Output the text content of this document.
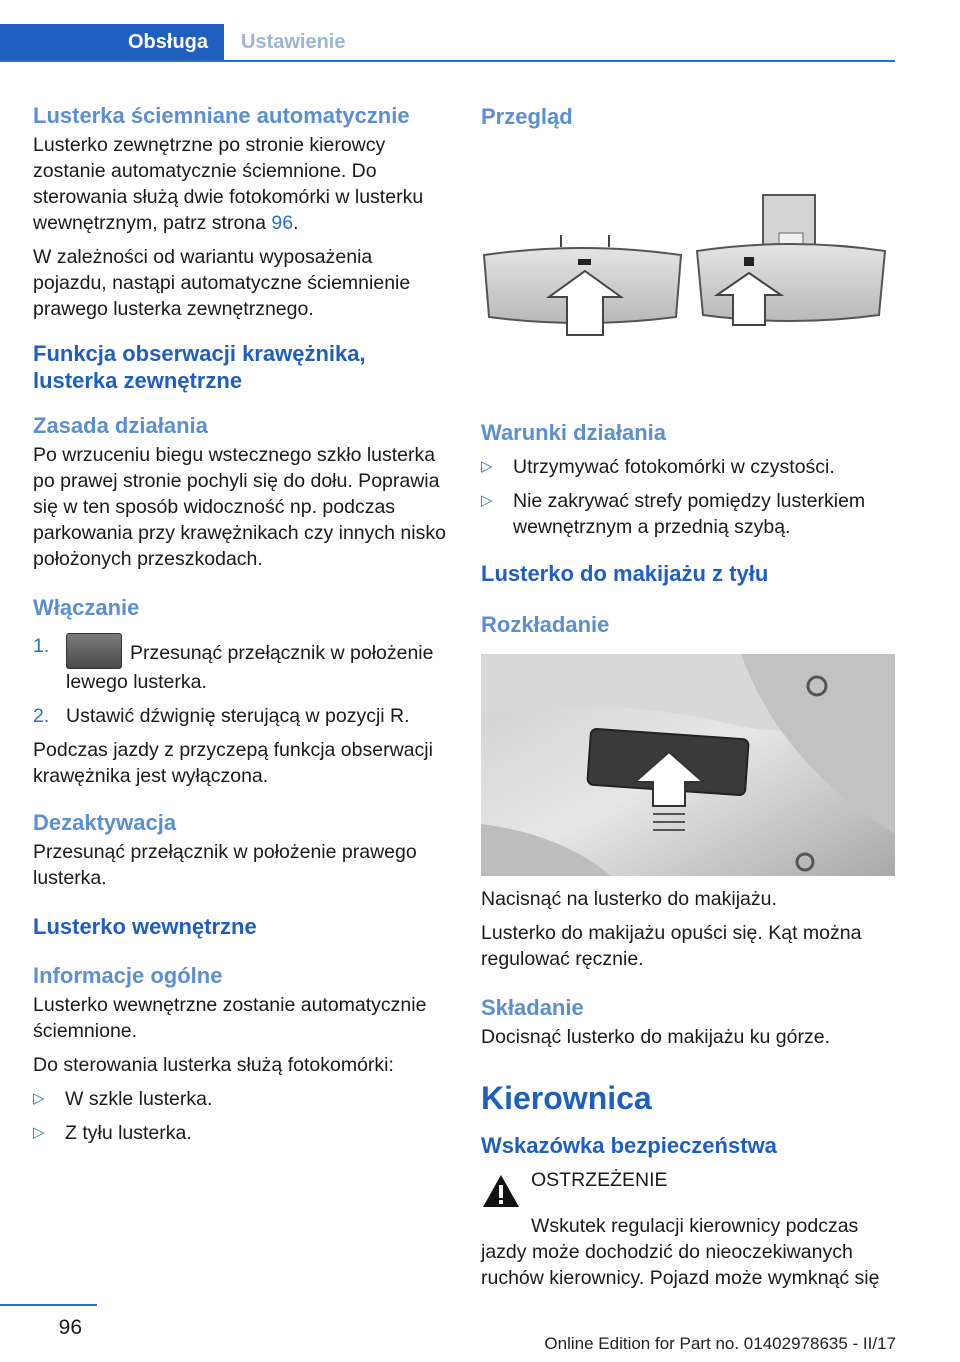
Obsługa	Ustawienie
Lusterka ściemniane automatycznie

Lusterko zewnętrzne po stronie kierowcy zostanie automatycznie ściemnione. Do sterowania służą dwie fotokomórki w lusterku wewnętrznym, patrz strona 96.

W zależności od wariantu wyposażenia pojazdu, nastąpi automatyczne ściemnienie prawego lusterka zewnętrznego.

Funkcja obserwacji krawężnika, lusterka zewnętrzne
Zasada działania

Po wrzuceniu biegu wstecznego szkło lusterka po prawej stronie pochyli się do dołu. Poprawia się w ten sposób widoczność np. podczas parkowania przy krawężnikach czy innych nisko położonych przeszkodach.

Włączanie
1.	Przesunąć przełącznik w położenie lewego lusterka.
2. Ustawić dźwignię sterującą w pozycji R.

Podczas jazdy z przyczepą funkcja obserwacji krawężnika jest wyłączona.

Dezaktywacja

Przesunąć przełącznik w położenie prawego lusterka.

Lusterko wewnętrzne
Informacje ogólne

Lusterko wewnętrzne zostanie automatycznie ściemnione.

Do sterowania lusterka służą fotokomórki:

▷	W szkle lusterka.
▷	Z tyłu lusterka.
Przegląd
Warunki działania
▷	Utrzymywać fotokomórki w czystości.
▷	Nie zakrywać strefy pomiędzy lusterkiem wewnętrznym a przednią szybą.
Lusterko do makijażu z tyłu
Rozkładanie

Nacisnąć na lusterko do makijażu.

Lusterko do makijażu opuści się. Kąt można regulować ręcznie.

Składanie

Docisnąć lusterko do makijażu ku górze.

Kierownica
Wskazówka bezpieczeństwa

OSTRZEŻENIE

Wskutek regulacji kierownicy podczas jazdy może dochodzić do nieoczekiwanych ruchów kierownicy. Pojazd może wymknąć się

96
Online Edition for Part no. 01402978635 - II/17
